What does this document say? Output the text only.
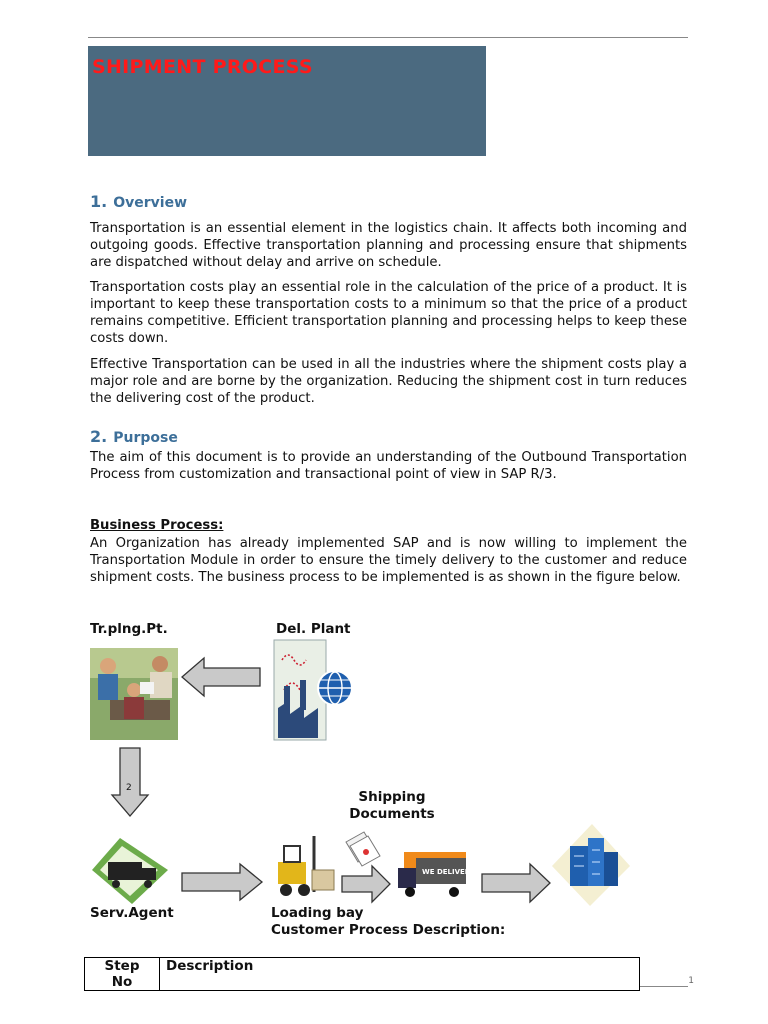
SHIPMENT PROCESS
1. Overview

Transportation is an essential element in the logistics chain. It affects both incoming and outgoing goods. Effective transportation planning and processing ensure that shipments are dispatched without delay and arrive on schedule.

Transportation costs play an essential role in the calculation of the price of a product. It is important to keep these transportation costs to a minimum so that the price of a product remains competitive. Efficient transportation planning and processing helps to keep these costs down.

Effective Transportation can be used in all the industries where the shipment costs play a major role and are borne by the organization. Reducing the shipment cost in turn reduces the delivering cost of the product.

2. Purpose

The aim of this document is to provide an understanding of the Outbound Transportation Process from customization and transactional point of view in SAP R/3.

Business Process:

An Organization has already implemented SAP and is now willing to implement the Transportation Module in order to ensure the timely delivery to the customer and reduce shipment costs. The business process to be implemented is as shown in the figure below.

Tr.plng.Pt.	Del. Plant
Shipping
Documents
Serv.Agent	Loading bay
Customer Process Description:
2
WE DELIVER
Step
No	Description
1
